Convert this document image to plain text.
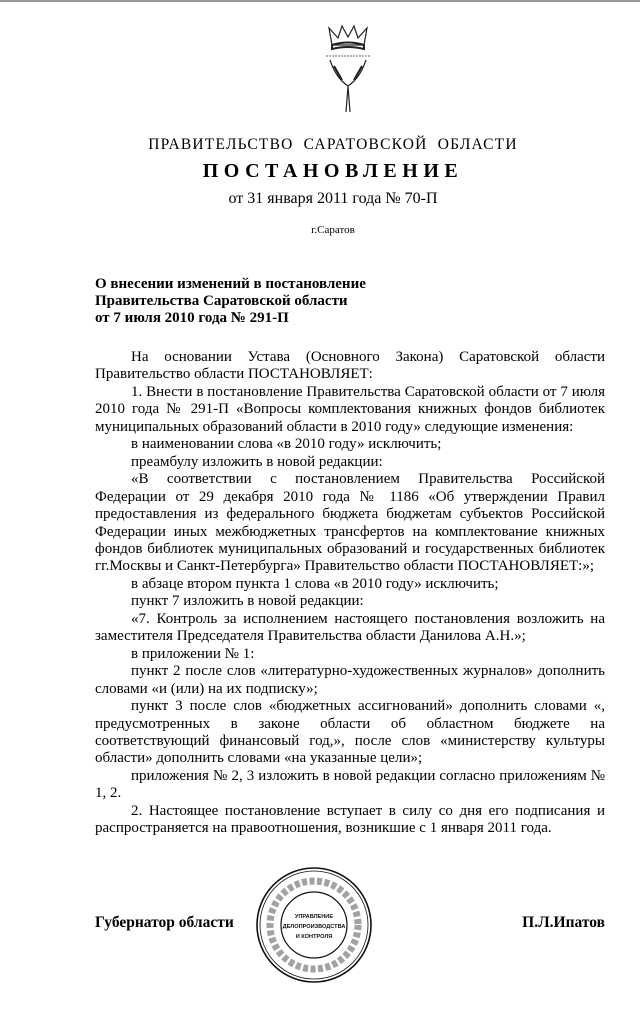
ПРАВИТЕЛЬСТВО  САРАТОВСКОЙ  ОБЛАСТИ
ПОСТАНОВЛЕНИЕ
от 31 января 2011 года № 70-П
г.Саратов
О внесении изменений в постановление
Правительства Саратовской области
от 7 июля 2010 года № 291-П

На основании Устава (Основного Закона) Саратовской области Правительство области ПОСТАНОВЛЯЕТ:

1. Внести в постановление Правительства Саратовской области от 7 июля 2010 года № 291-П «Вопросы комплектования книжных фондов библиотек муниципальных образований области в 2010 году» следующие изменения:

в наименовании слова «в 2010 году» исключить;

преамбулу изложить в новой редакции:

«В соответствии с постановлением Правительства Российской Федерации от 29 декабря 2010 года № 1186 «Об утверждении Правил предоставления из федерального бюджета бюджетам субъектов Российской Федерации иных межбюджетных трансфертов на комплектование книжных фондов библиотек муниципальных образований и государственных библиотек гг.Москвы и Санкт-Петербурга» Правительство области ПОСТАНОВЛЯЕТ:»;

в абзаце втором пункта 1 слова «в 2010 году» исключить;

пункт 7 изложить в новой редакции:

«7. Контроль за исполнением настоящего постановления возложить на заместителя Председателя Правительства области Данилова А.Н.»;

в приложении № 1:

пункт 2 после слов «литературно-художественных журналов» дополнить словами «и (или) на их подписку»;

пункт 3 после слов «бюджетных ассигнований» дополнить словами «, предусмотренных в законе области об областном бюджете на соответствующий финансовый год,», после слов «министерству культуры области» дополнить словами «на указанные цели»;

приложения № 2, 3 изложить в новой редакции согласно приложениям № 1, 2.

2. Настоящее постановление вступает в силу со дня его подписания и распространяется на правоотношения, возникшие с 1 января 2011 года.

Губернатор области	УПРАВЛЕНИЕ
ДЕЛОПРОИЗВОДСТВА
И КОНТРОЛЯ
П.Л.Ипатов
